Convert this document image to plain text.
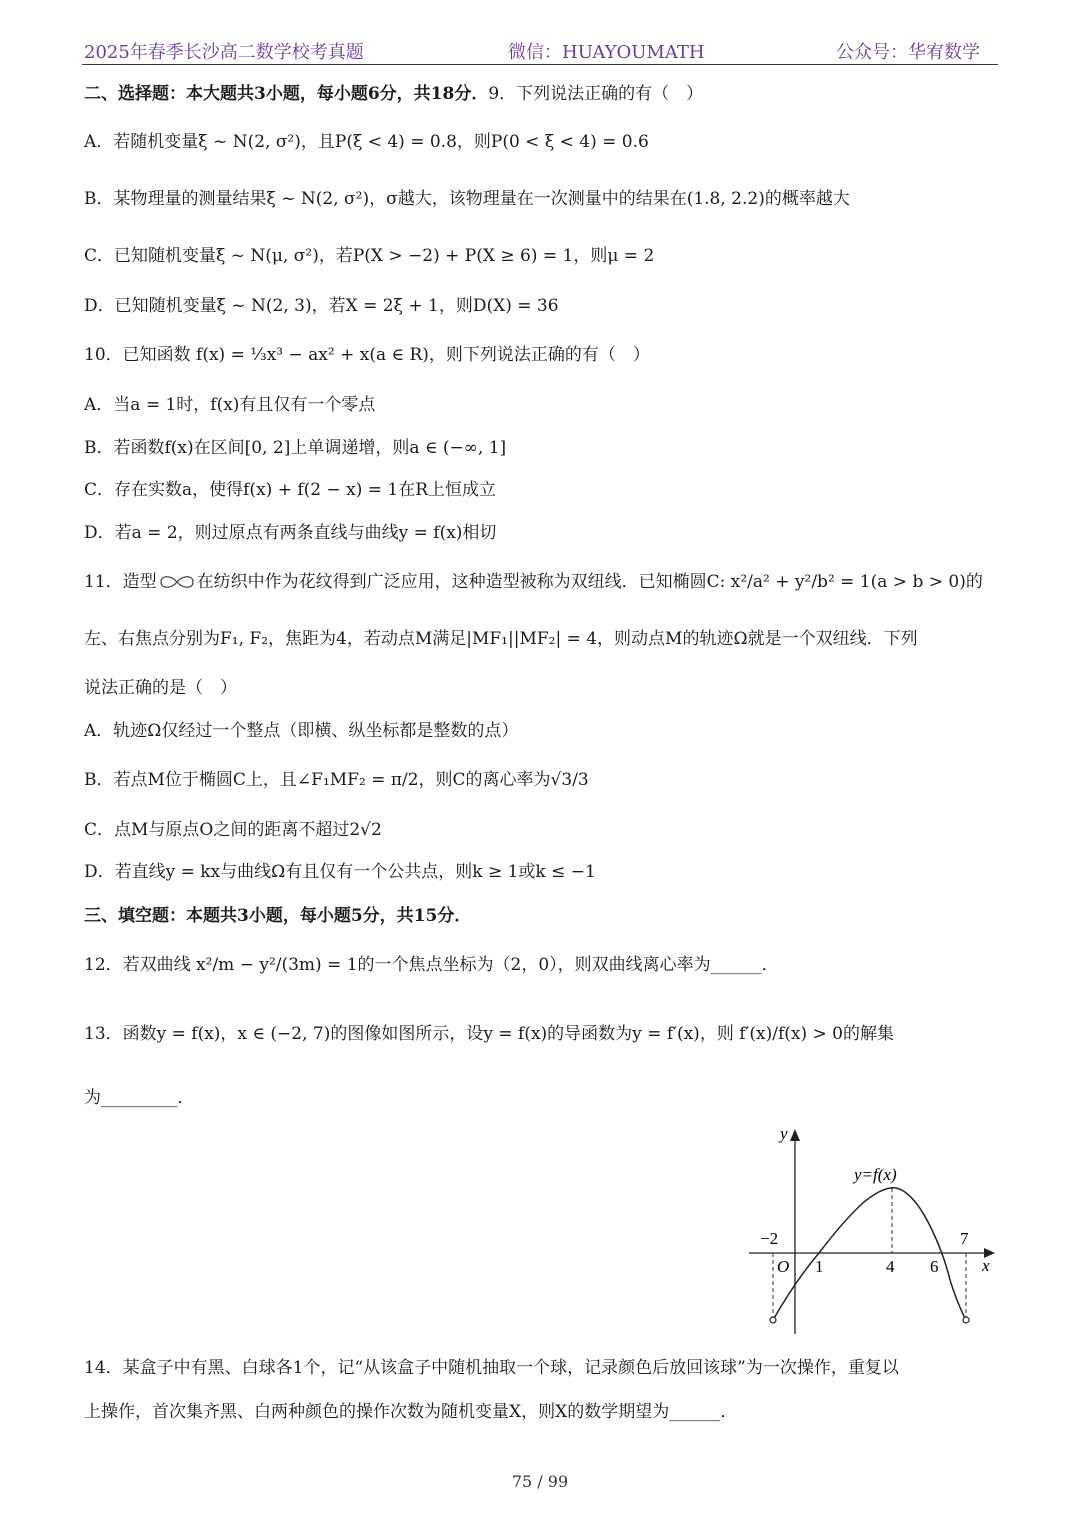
2025年春季长沙高二数学校考真题	微信：HUAYOUMATH	公众号：华宥数学
二、选择题：本大题共3小题，每小题6分，共18分．9．下列说法正确的有（　）
A．若随机变量ξ ~ N(2, σ²)，且P(ξ < 4) = 0.8，则P(0 < ξ < 4) = 0.6
B．某物理量的测量结果ξ ~ N(2, σ²)，σ越大，该物理量在一次测量中的结果在(1.8, 2.2)的概率越大
C．已知随机变量ξ ~ N(μ, σ²)，若P(X > −2) + P(X ≥ 6) = 1，则μ = 2
D．已知随机变量ξ ~ N(2, 3)，若X = 2ξ + 1，则D(X) = 36
10．已知函数 f(x) = ⅓x³ − ax² + x(a ∈ R)，则下列说法正确的有（　）
A．当a = 1时，f(x)有且仅有一个零点
B．若函数f(x)在区间[0, 2]上单调递增，则a ∈ (−∞, 1]
C．存在实数a，使得f(x) + f(2 − x) = 1在R上恒成立
D．若a = 2，则过原点有两条直线与曲线y = f(x)相切
11．造型 在纺织中作为花纹得到广泛应用，这种造型被称为双纽线．已知椭圆C: x²/a² + y²/b² = 1(a > b > 0)的
左、右焦点分别为F₁, F₂，焦距为4，若动点M满足|MF₁||MF₂| = 4，则动点M的轨迹Ω就是一个双纽线．下列
说法正确的是（　）
A．轨迹Ω仅经过一个整点（即横、纵坐标都是整数的点）
B．若点M位于椭圆C上，且∠F₁MF₂ = π/2，则C的离心率为√3/3
C．点M与原点O之间的距离不超过2√2
D．若直线y = kx与曲线Ω有且仅有一个公共点，则k ≥ 1或k ≤ −1
三、填空题：本题共3小题，每小题5分，共15分．
12．若双曲线 x²/m − y²/(3m) = 1的一个焦点坐标为（2，0），则双曲线离心率为______．
13．函数y = f(x)，x ∈ (−2, 7)的图像如图所示，设y = f(x)的导函数为y = f′(x)，则 f′(x)/f(x) > 0的解集
为_________．
y
x
y=f(x)
O
−2
1	4 6
7
14．某盒子中有黑、白球各1个，记“从该盒子中随机抽取一个球，记录颜色后放回该球”为一次操作，重复以
上操作，首次集齐黑、白两种颜色的操作次数为随机变量X，则X的数学期望为______．
75 / 99
